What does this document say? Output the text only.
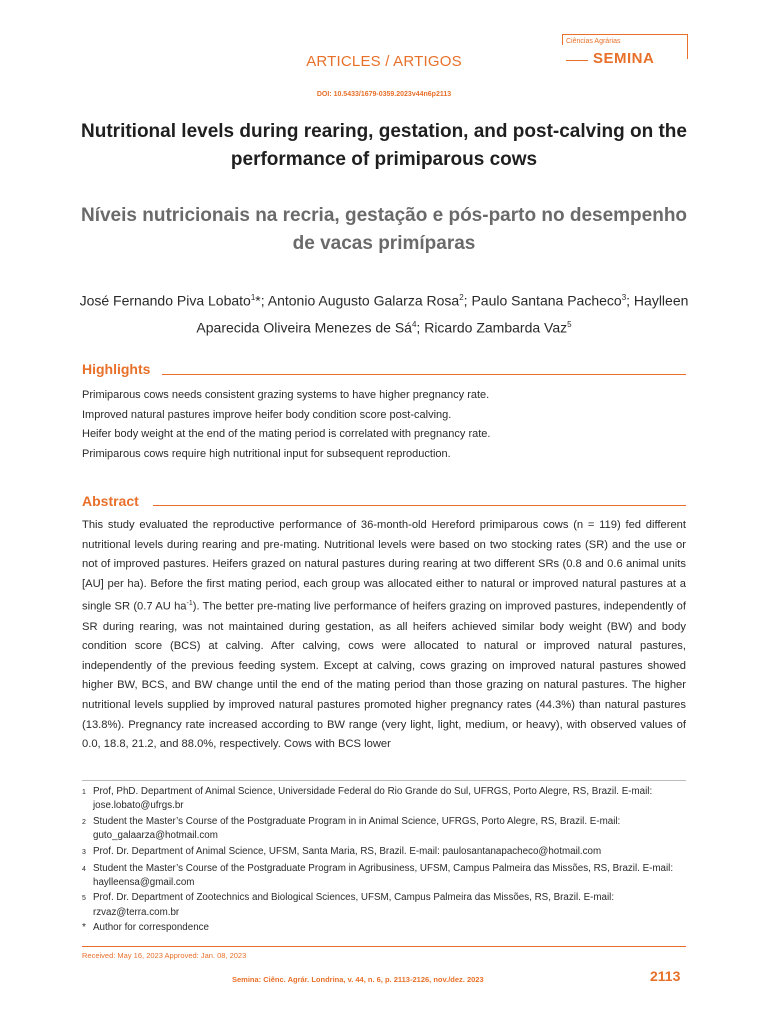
ARTICLES / ARTIGOS
Ciências Agrárias
SEMINA
DOI: 10.5433/1679-0359.2023v44n6p2113
Nutritional levels during rearing, gestation, and post-calving on the performance of primiparous cows
Níveis nutricionais na recria, gestação e pós-parto no desempenho de vacas primíparas
José Fernando Piva Lobato$^1$*; Antonio Augusto Galarza Rosa$^2$; Paulo Santana Pacheco$^3$; Haylleen Aparecida Oliveira Menezes de $Sá^4$; Ricardo Zambarda Vaz$^5$
Highlights
Primiparous cows needs consistent grazing systems to have higher pregnancy rate.
Improved natural pastures improve heifer body condition score post-calving.
Heifer body weight at the end of the mating period is correlated with pregnancy rate.
Primiparous cows require high nutritional input for subsequent reproduction.
Abstract
This study evaluated the reproductive performance of 36-month-old Hereford primiparous cows (n = 119) fed different nutritional levels during rearing and pre-mating. Nutritional levels were based on two stocking rates (SR) and the use or not of improved pastures. Heifers grazed on natural pastures during rearing at two different SRs (0.8 and 0.6 animal units [AU] per ha). Before the first mating period, each group was allocated either to natural or improved natural pastures at a single SR (0.7 AU $ha^{-1}$). The better pre-mating live performance of heifers grazing on improved pastures, independently of SR during rearing, was not maintained during gestation, as all heifers achieved similar body weight (BW) and body condition score (BCS) at calving. After calving, cows were allocated to natural or improved natural pastures, independently of the previous feeding system. Except at calving, cows grazing on improved natural pastures showed higher BW, BCS, and BW change until the end of the mating period than those grazing on natural pastures. The higher nutritional levels supplied by improved natural pastures promoted higher pregnancy rates (44.3%) than natural pastures (13.8%). Pregnancy rate increased according to BW range (very light, light, medium, or heavy), with observed values of 0.0, 18.8, 21.2, and 88.0%, respectively. Cows with BCS lower
1 Prof, PhD. Department of Animal Science, Universidade Federal do Rio Grande do Sul, UFRGS, Porto Alegre, RS, Brazil. E-mail: jose.lobato@ufrgs.br
2 Student the Master’s Course of the Postgraduate Program in in Animal Science, UFRGS, Porto Alegre, RS, Brazil. E-mail: guto_galaarza@hotmail.com
3 Prof. Dr. Department of Animal Science, UFSM, Santa Maria, RS, Brazil. E-mail: paulosantanapacheco@hotmail.com
4 Student the Master’s Course of the Postgraduate Program in Agribusiness, UFSM, Campus Palmeira das Missões, RS, Brazil. E-mail: haylleensa@gmail.com
5 Prof. Dr. Department of Zootechnics and Biological Sciences, UFSM, Campus Palmeira das Missões, RS, Brazil. E-mail: rzvaz@terra.com.br
* Author for correspondence
Received: May 16, 2023 Approved: Jan. 08, 2023
Semina: Ciênc. Agrár. Londrina, v. 44, n. 6, p. 2113-2126, nov./dez. 2023	2113
